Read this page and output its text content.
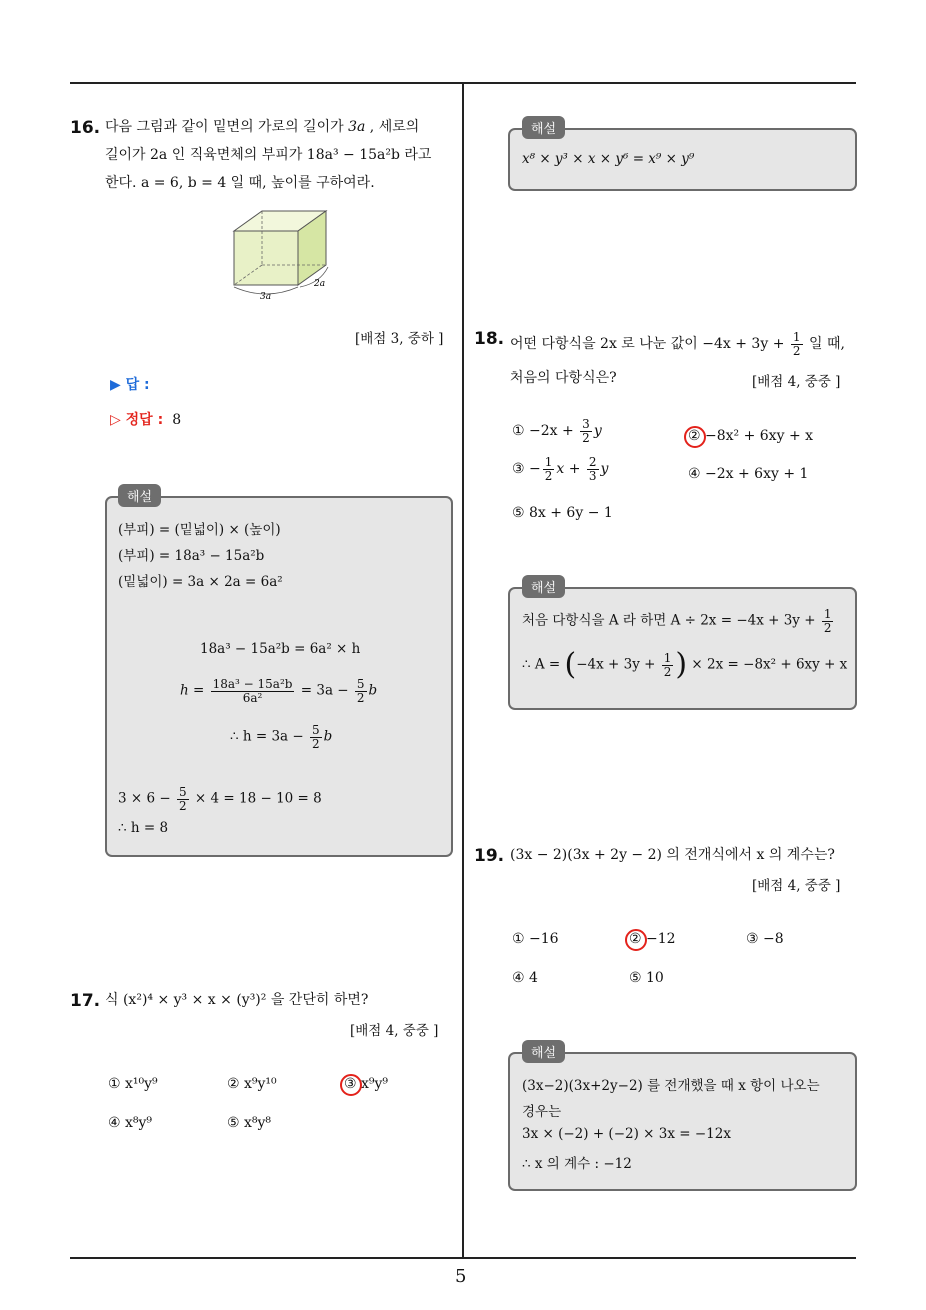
5
16. 다음 그림과 같이 밑면의 가로의 길이가 3a , 세로의
길이가 2a 인 직육면체의 부피가 18a³ − 15a²b 라고
한다. a = 6, b = 4 일 때, 높이를 구하여라.
3a
2a
[배점 3, 중하 ]
▶ 답 :
▷ 정답 : 8
해설
(부피) = (밑넓이) × (높이)
(부피) = 18a³ − 15a²b
(밑넓이) = 3a × 2a = 6a²
18a³ − 15a²b = 6a² × h
$h = \frac{\text{18a³ − 15a²b}}{\text{6a²}} = 3a - \frac{5}{2}$ b
∴ $h = 3a - \frac{5}{2}$ b
$3 \times 6 - \frac{5}{2} \times 4 = 18 - 10 = 8$
∴ h = 8
17. 식 (x²)⁴ × y³ × x × (y³)² 을 간단히 하면?
[배점 4, 중중 ]
① x¹⁰y⁹	② x⁹y¹⁰	③ x⁹y⁹
④ x⁸y⁹	⑤ x⁸y⁸
해설
x⁸ × y³ × x × y⁶ = x⁹ × y⁹
18. 어떤 다항식을 2x 로 나눈 값이 $-4x + 3y + \frac{1}{2}$ 일 때,
처음의 다항식은?	[배점 4, 중중 ]
① $-2x + \frac{3}{2}$ y	② −8x² + 6xy + x
③ − $\frac{1}{2}$ $x + \frac{2}{3}$ y	④ −2x + 6xy + 1
⑤ 8x + 6y − 1
해설
처음 다항식을 A 라 하면 $A \div 2x = -4x + 3y + \frac{1}{2}$
∴ $A = (-4x + 3y + \frac{1}{2}$ ) × 2x = −8x² + 6xy + x
19. (3x − 2)(3x + 2y − 2) 의 전개식에서 x 의 계수는?
[배점 4, 중중 ]
① −16	② −12	③ −8
④ 4	⑤ 10
해설
(3x−2)(3x+2y−2) 를 전개했을 때 x 항이 나오는
경우는
3x × (−2) + (−2) × 3x = −12x
∴ x 의 계수 : −12
